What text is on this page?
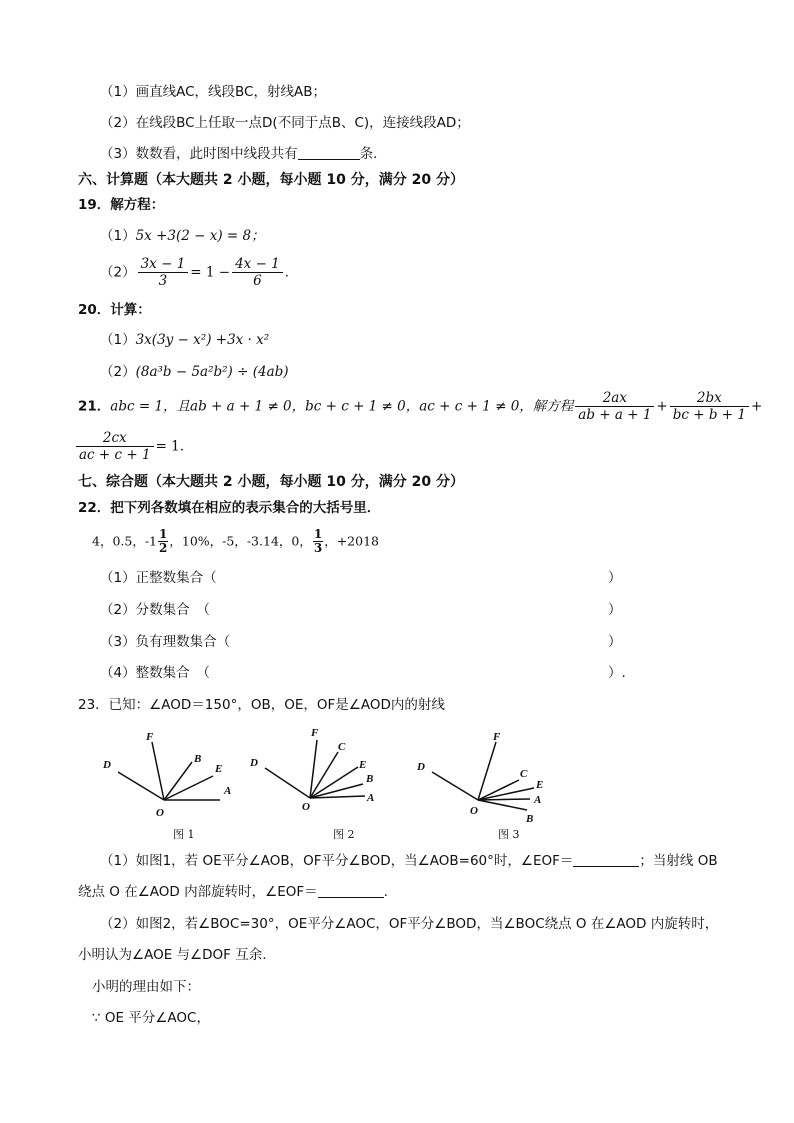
（1）画直线AC，线段BC，射线AB；
（2）在线段BC上任取一点D(不同于点B、C)，连接线段AD；
（3）数数看，此时图中线段共有	条．
六、计算题（本大题共 2 小题，每小题 10 分，满分 20 分）
19．解方程：
（1）5x +3(2 − x) = 8；
$(2) \frac{3x - 1}{3} = 1 - \frac{4x - 1}{6}$ .
20．计算：
（1）3x(3y − x²) +3x · x²
（2）(8a³b − 5a²b²) ÷ (4ab)
21．abc = 1，且ab + a + 1 ≠ 0，bc + c + 1 ≠ 0，ac + c + 1 ≠ 0，解方程 $\frac{2ax}{ab + a + 1} + \frac{2bx}{bc + b + 1}$ +
$\frac{2cx}{ac + c + 1} = 1$．
七、综合题（本大题共 2 小题，每小题 10 分，满分 20 分）
22．把下列各数填在相应的表示集合的大括号里．
4，0.5，$-1 \frac{1}{2}$ ，10%，-5，-3.14，0， $\frac{1}{3}$ ，+2018
（1）正整数集合（	）
（2）分数集合　（	）
（3）负有理数集合（	）
（4）整数集合　（	）.
23．已知：∠AOD＝150°，OB，OE，OF是∠AOD内的射线
D
F
B
E
A
O
D
F
C
E
B
A
O
D
F
C
E
A
B
O
图 1	图 2	图 3
（1）如图1，若 OE平分∠AOB，OF平分∠BOD，当∠AOB=60°时，∠EOF＝	；当射线 OB
绕点 O 在∠AOD 内部旋转时，∠EOF＝	.
（2）如图2，若∠BOC=30°，OE平分∠AOC，OF平分∠BOD，当∠BOC绕点 O 在∠AOD 内旋转时，
小明认为∠AOE 与∠DOF 互余.
小明的理由如下：
∵ OE 平分∠AOC，
